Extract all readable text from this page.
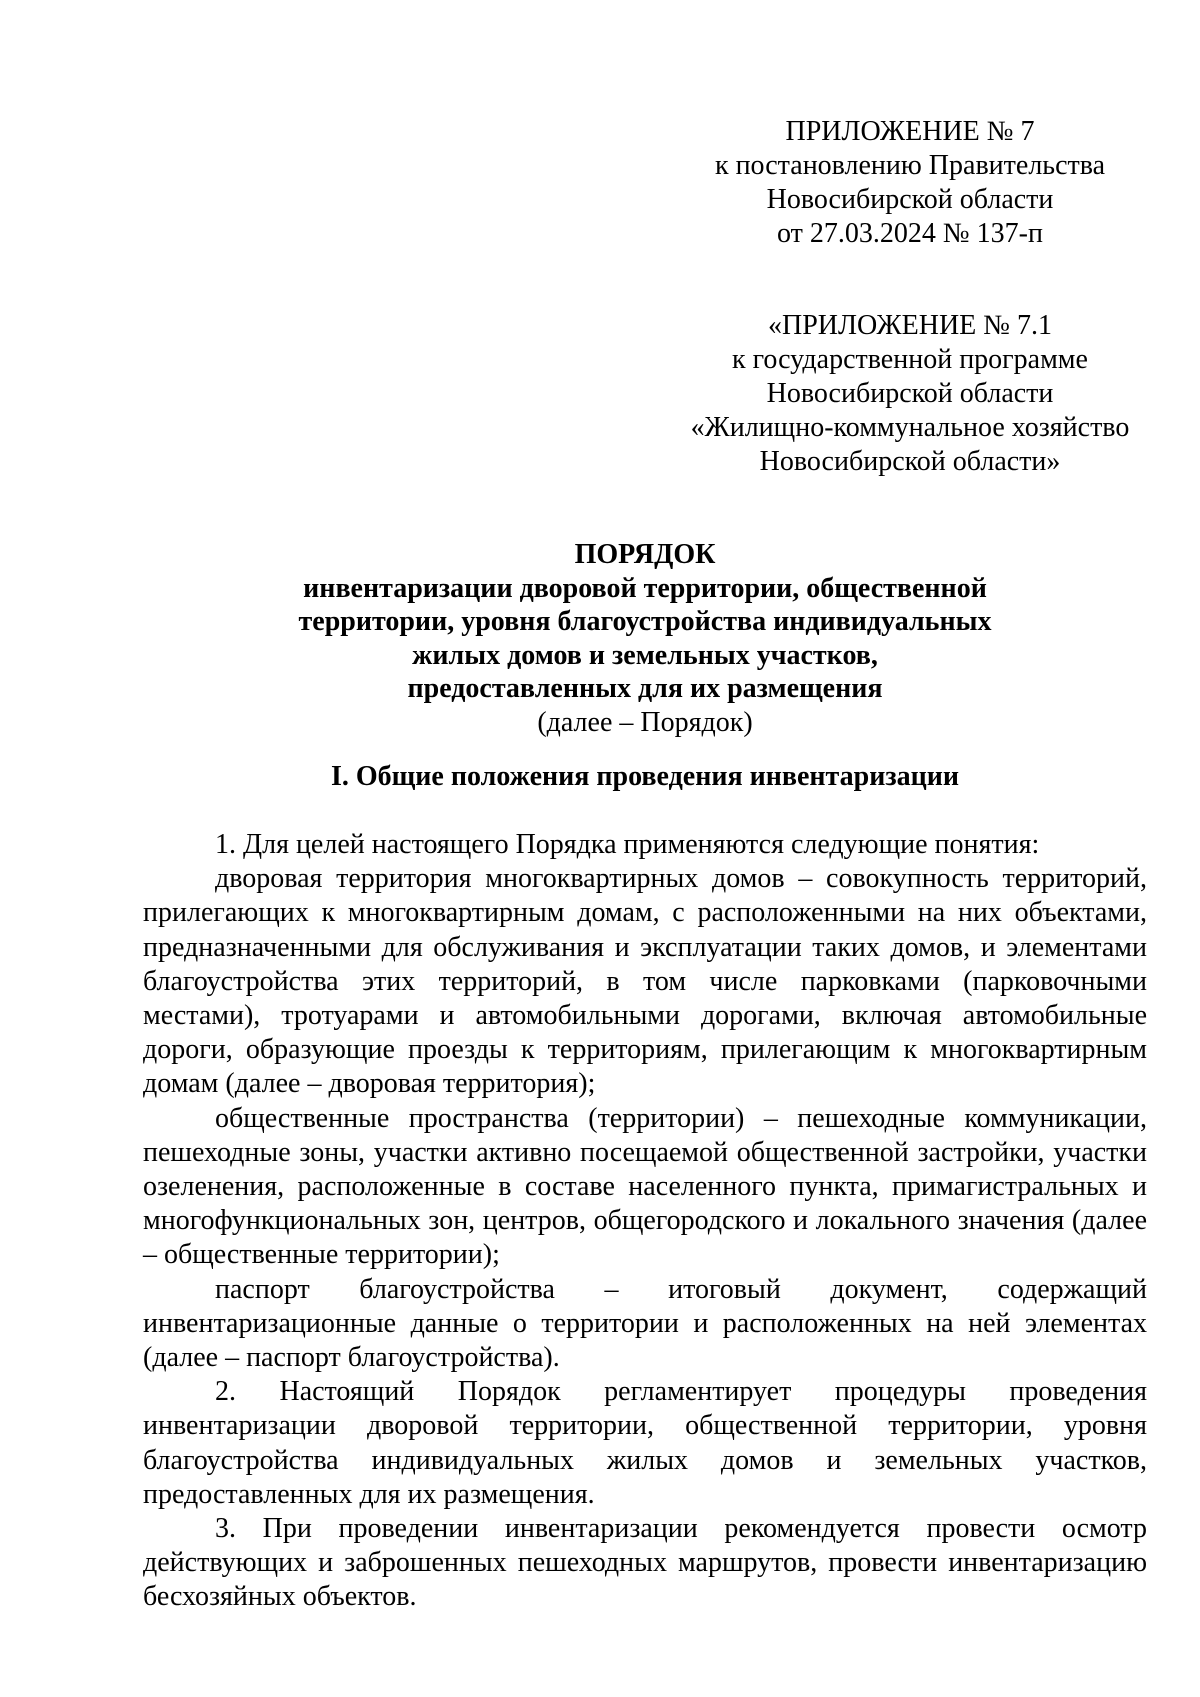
ПРИЛОЖЕНИЕ № 7
к постановлению Правительства
Новосибирской области
от 27.03.2024 № 137-п
«ПРИЛОЖЕНИЕ № 7.1
к государственной программе
Новосибирской области
«Жилищно-коммунальное хозяйство
Новосибирской области»
ПОРЯДОК
инвентаризации дворовой территории, общественной
территории, уровня благоустройства индивидуальных
жилых домов и земельных участков,
предоставленных для их размещения
(далее – Порядок)
I. Общие положения проведения инвентаризации

1. Для целей настоящего Порядка применяются следующие понятия:

дворовая территория многоквартирных домов – совокупность территорий, прилегающих к многоквартирным домам, с расположенными на них объектами, предназначенными для обслуживания и эксплуатации таких домов, и элементами благоустройства этих территорий, в том числе парковками (парковочными местами), тротуарами и автомобильными дорогами, включая автомобильные дороги, образующие проезды к территориям, прилегающим к многоквартирным домам (далее – дворовая территория);

общественные пространства (территории) – пешеходные коммуникации, пешеходные зоны, участки активно посещаемой общественной застройки, участки озеленения, расположенные в составе населенного пункта, примагистральных и многофункциональных зон, центров, общегородского и локального значения (далее – общественные территории);

паспорт благоустройства – итоговый документ, содержащий инвентаризационные данные о территории и расположенных на ней элементах (далее – паспорт благоустройства).

2. Настоящий Порядок регламентирует процедуры проведения инвентаризации дворовой территории, общественной территории, уровня благоустройства индивидуальных жилых домов и земельных участков, предоставленных для их размещения.

3. При проведении инвентаризации рекомендуется провести осмотр действующих и заброшенных пешеходных маршрутов, провести инвентаризацию бесхозяйных объектов.
